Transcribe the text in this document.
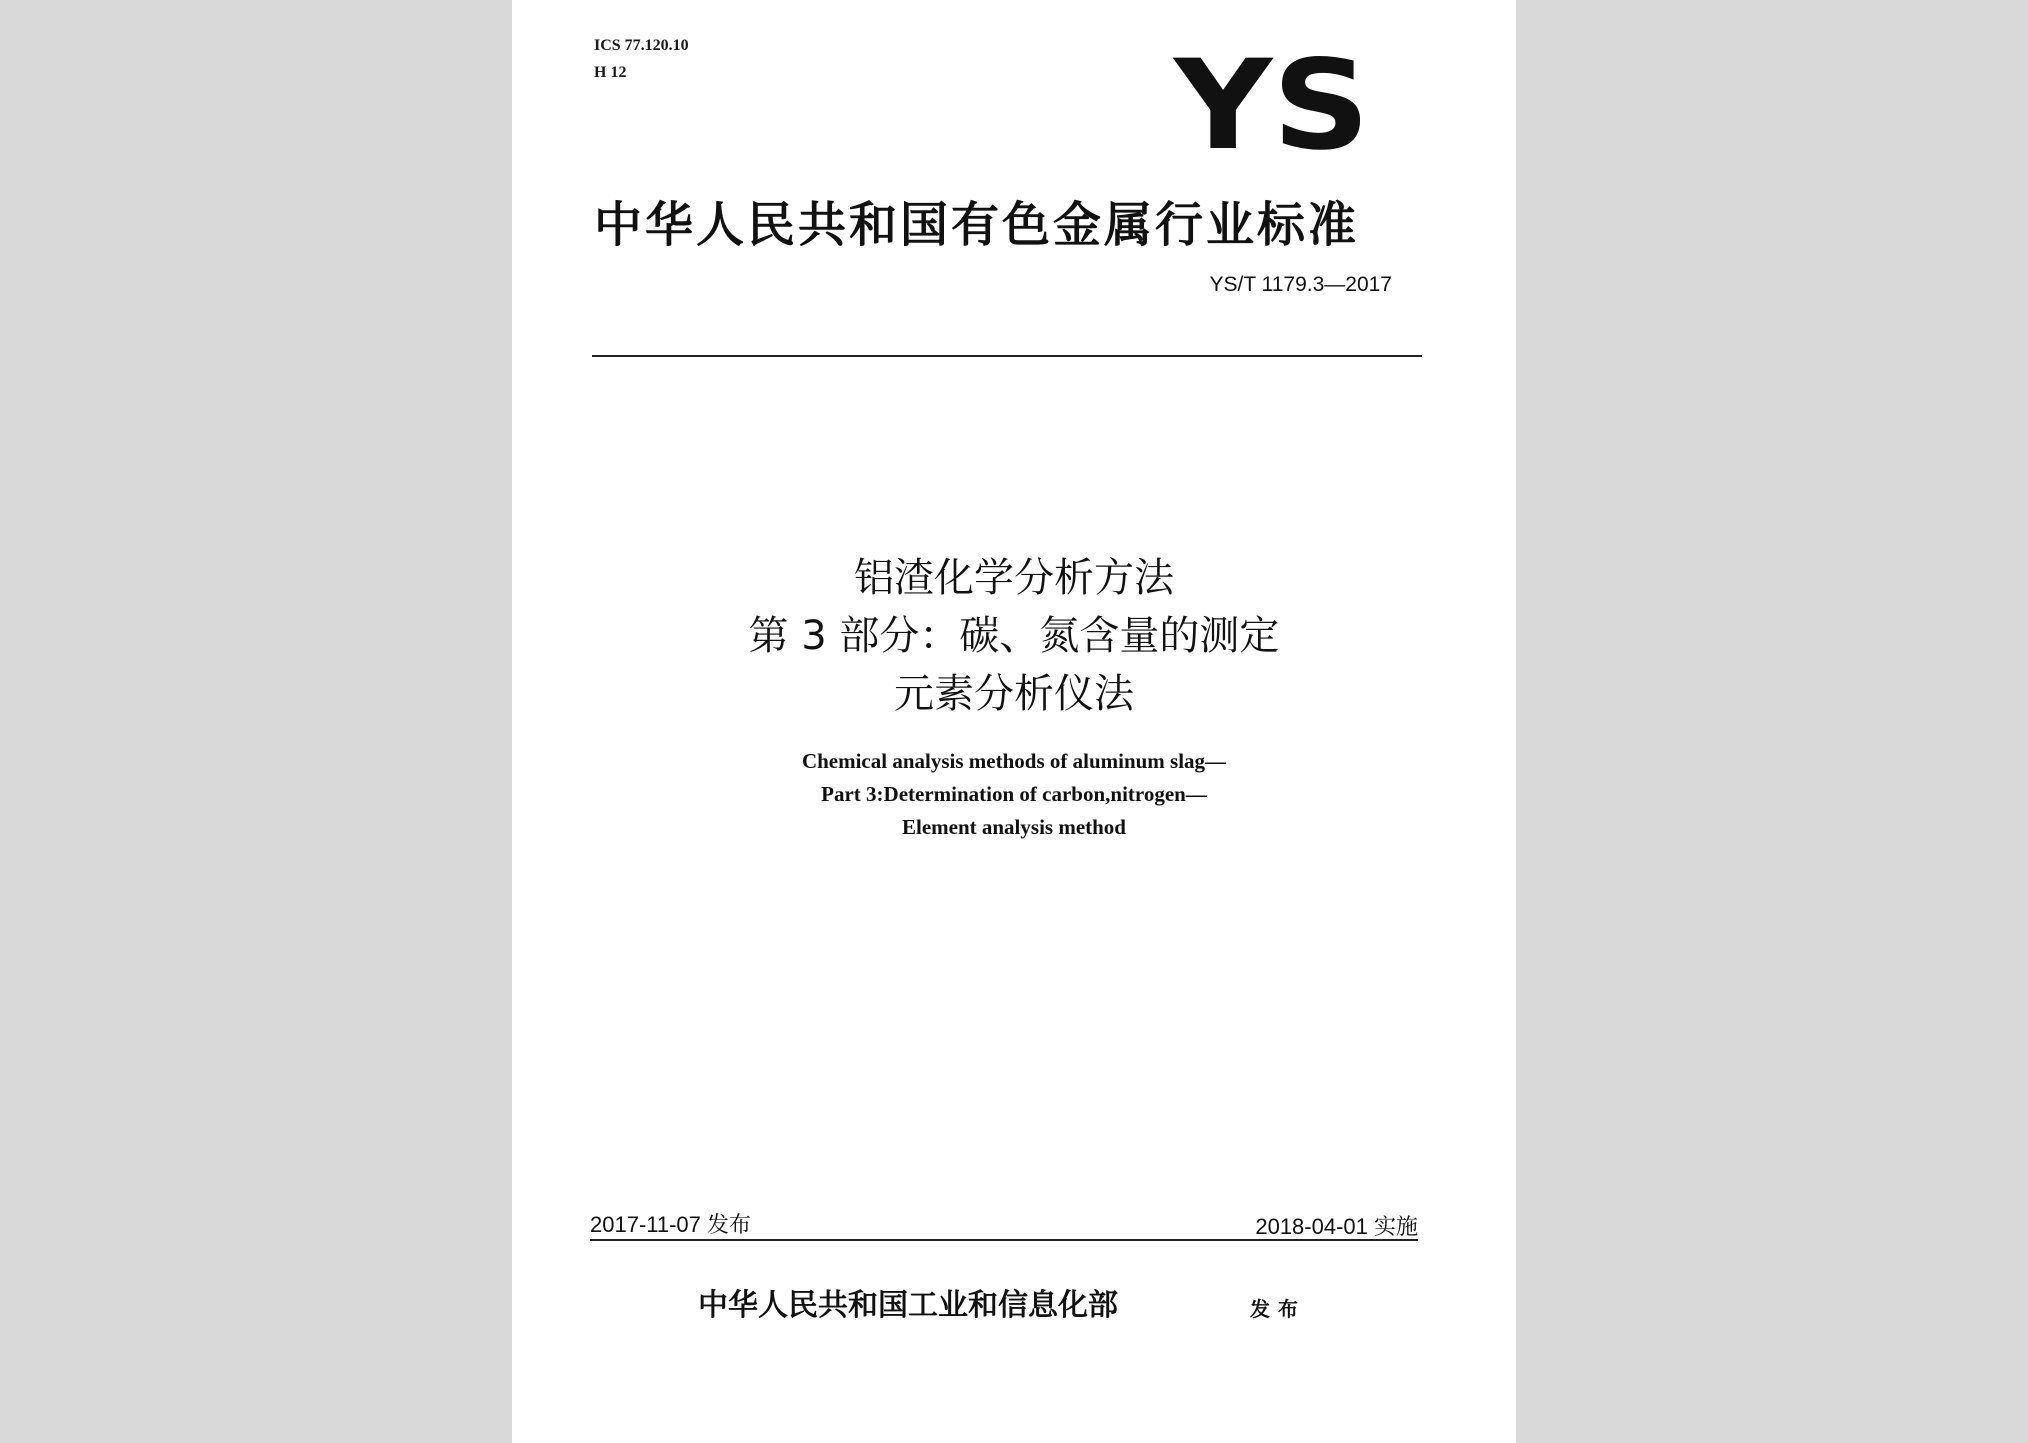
ICS 77.120.10
H 12	YS
中华人民共和国有色金属行业标准
YS/T 1179.3—2017
铝渣化学分析方法
第 3 部分：碳、氮含量的测定
元素分析仪法
Chemical analysis methods of aluminum slag—
Part 3:Determination of carbon,nitrogen—
Element analysis method
2017-11-07 发布	2018-04-01 实施
中华人民共和国工业和信息化部	发布
